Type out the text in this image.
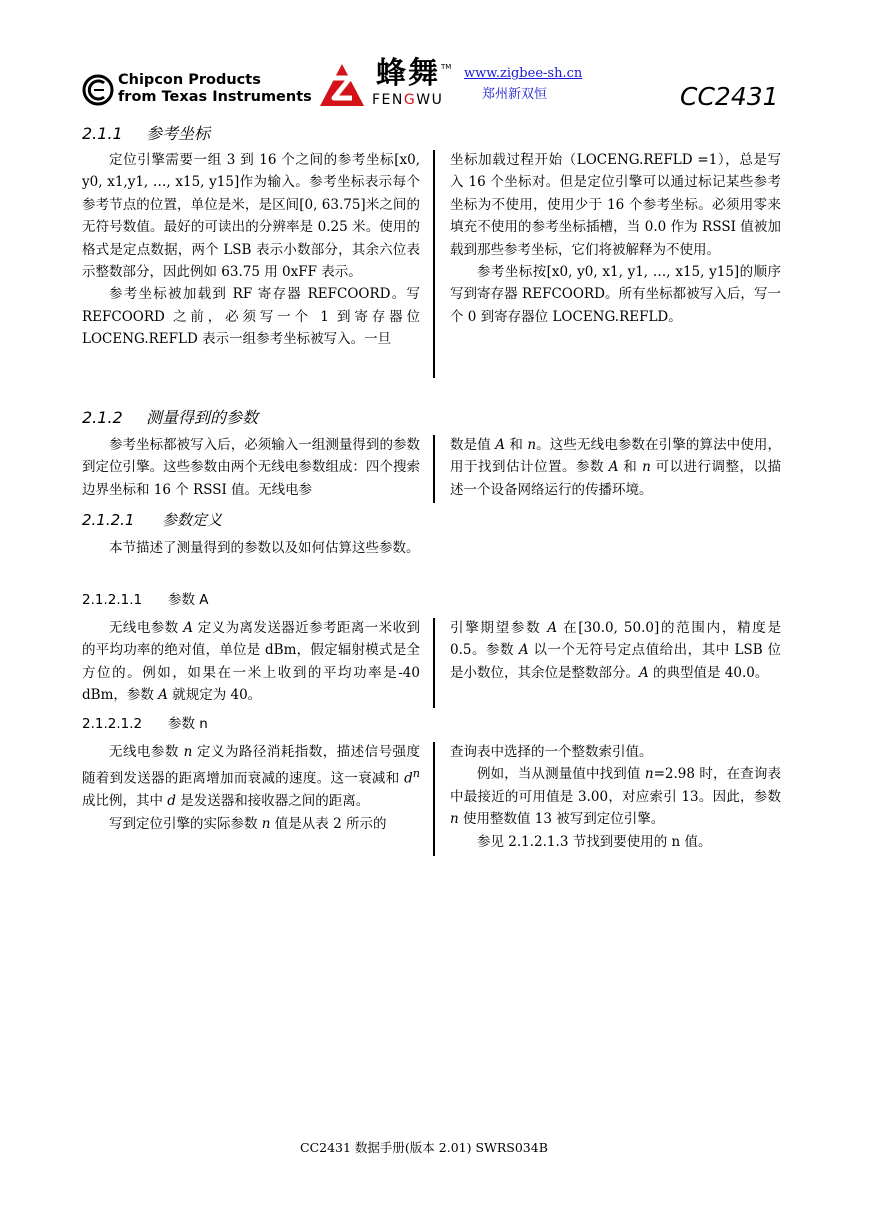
Chipcon Products
from Texas Instruments
蜂舞 TM
FENGWU
www.zigbee-sh.cn
郑州新双恒	CC2431
2.1.1 参考坐标

定位引擎需要一组 3 到 16 个之间的参考坐标[x0, y0, x1,y1, …, x15, y15]作为输入。参考坐标表示每个参考节点的位置，单位是米，是区间[0, 63.75]米之间的无符号数值。最好的可读出的分辨率是 0.25 米。使用的格式是定点数据，两个 LSB 表示小数部分，其余六位表示整数部分，因此例如 63.75 用 0xFF 表示。

参考坐标被加载到 RF 寄存器 REFCOORD。写 REFCOORD 之前，必须写一个 1 到寄存器位 LOCENG.REFLD 表示一组参考坐标被写入。一旦

坐标加载过程开始（LOCENG.REFLD =1），总是写入 16 个坐标对。但是定位引擎可以通过标记某些参考坐标为不使用，使用少于 16 个参考坐标。必须用零来填充不使用的参考坐标插槽，当 0.0 作为 RSSI 值被加载到那些参考坐标，它们将被解释为不使用。

参考坐标按[x0, y0, x1, y1, …, x15, y15]的顺序写到寄存器 REFCOORD。所有坐标都被写入后，写一个 0 到寄存器位 LOCENG.REFLD。

2.1.2 测量得到的参数

参考坐标都被写入后，必须输入一组测量得到的参数到定位引擎。这些参数由两个无线电参数组成：四个搜索边界坐标和 16 个 RSSI 值。无线电参

数是值 A 和 n。这些无线电参数在引擎的算法中使用，用于找到估计位置。参数 A 和 n 可以进行调整，以描述一个设备网络运行的传播环境。

2.1.2.1 参数定义

本节描述了测量得到的参数以及如何估算这些参数。

2.1.2.1.1 参数 A

无线电参数 A 定义为离发送器近参考距离一米收到的平均功率的绝对值，单位是 dBm，假定辐射模式是全方位的。例如，如果在一米上收到的平均功率是-40 dBm，参数 A 就规定为 40。

引擎期望参数 A 在[30.0, 50.0]的范围内，精度是 0.5。参数 A 以一个无符号定点值给出，其中 LSB 位是小数位，其余位是整数部分。A 的典型值是 40.0。

2.1.2.1.2 参数 n

无线电参数 n 定义为路径消耗指数，描述信号强度随着到发送器的距离增加而衰减的速度。这一衰减和 $d^n$ 成比例，其中 d 是发送器和接收器之间的距离。

写到定位引擎的实际参数 n 值是从表 2 所示的

查询表中选择的一个整数索引值。

例如，当从测量值中找到值 n=2.98 时，在查询表中最接近的可用值是 3.00，对应索引 13。因此，参数 n 使用整数值 13 被写到定位引擎。

参见 2.1.2.1.3 节找到要使用的 n 值。

CC2431 数据手册(版本 2.01) SWRS034B
